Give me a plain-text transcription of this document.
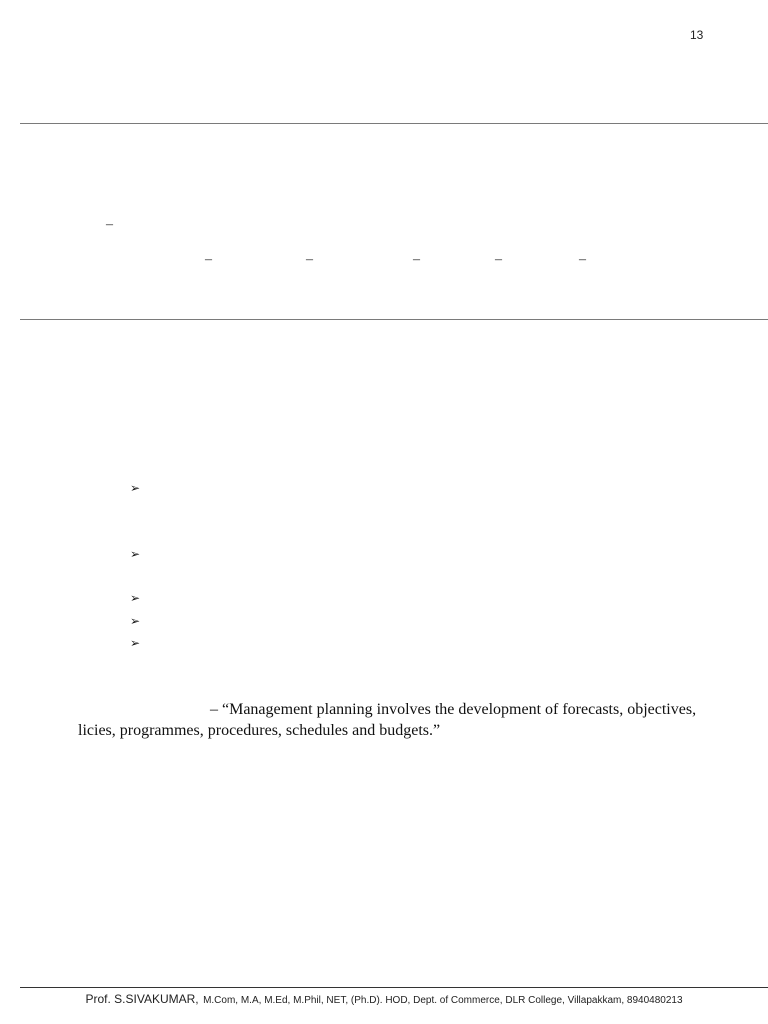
13
–
–	–	–	–	–
➢
➢
➢
➢
➢
– “Management planning involves the development of forecasts, objectives,
licies, programmes, procedures, schedules and budgets.”
Prof. S.SIVAKUMAR, M.Com, M.A, M.Ed, M.Phil, NET, (Ph.D). HOD, Dept. of Commerce, DLR College, Villapakkam, 8940480213
